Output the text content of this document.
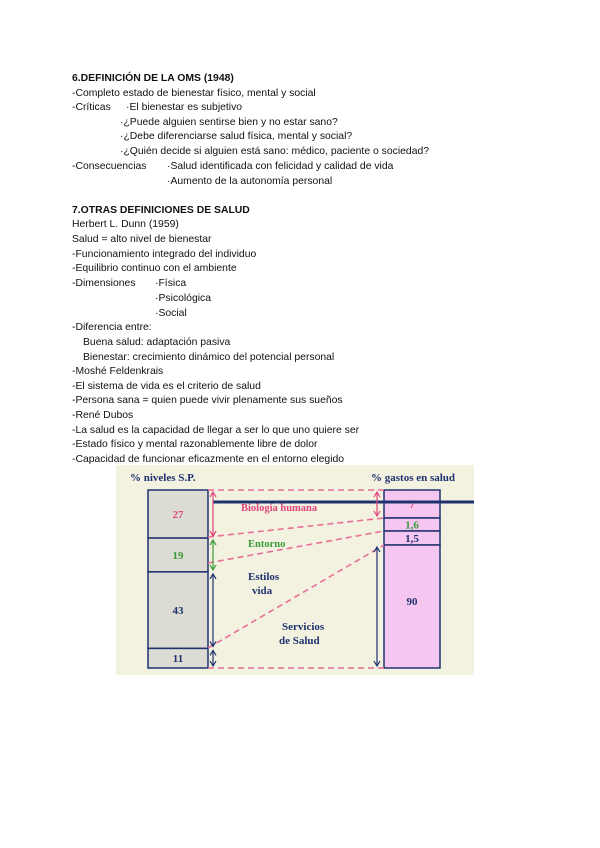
6.DEFINICIÓN DE LA OMS (1948)
-Completo estado de bienestar físico, mental y social
-Críticas ·El bienestar es subjetivo
·¿Puede alguien sentirse bien y no estar sano?
·¿Debe diferenciarse salud física, mental y social?
·¿Quién decide si alguien está sano: médico, paciente o sociedad?
-Consecuencias ·Salud identificada con felicidad y calidad de vida
·Aumento de la autonomía personal
7.OTRAS DEFINICIONES DE SALUD
Herbert L. Dunn (1959)
Salud = alto nivel de bienestar
-Funcionamiento integrado del individuo
-Equilibrio continuo con el ambiente
-Dimensiones ·Física
·Psicológica
·Social
-Diferencia entre:
Buena salud: adaptación pasiva
Bienestar: crecimiento dinámico del potencial personal
-Moshé Feldenkrais
-El sistema de vida es el criterio de salud
-Persona sana = quien puede vivir plenamente sus sueños
-René Dubos
-La salud es la capacidad de llegar a ser lo que uno quiere ser
-Estado físico y mental razonablemente libre de dolor
-Capacidad de funcionar eficazmente en el entorno elegido
% niveles S.P.	% gastos en salud
27
19
43
11
7
1,6
1,5
90
Biología humana
Entorno
Estilos vida
Servicios de Salud
